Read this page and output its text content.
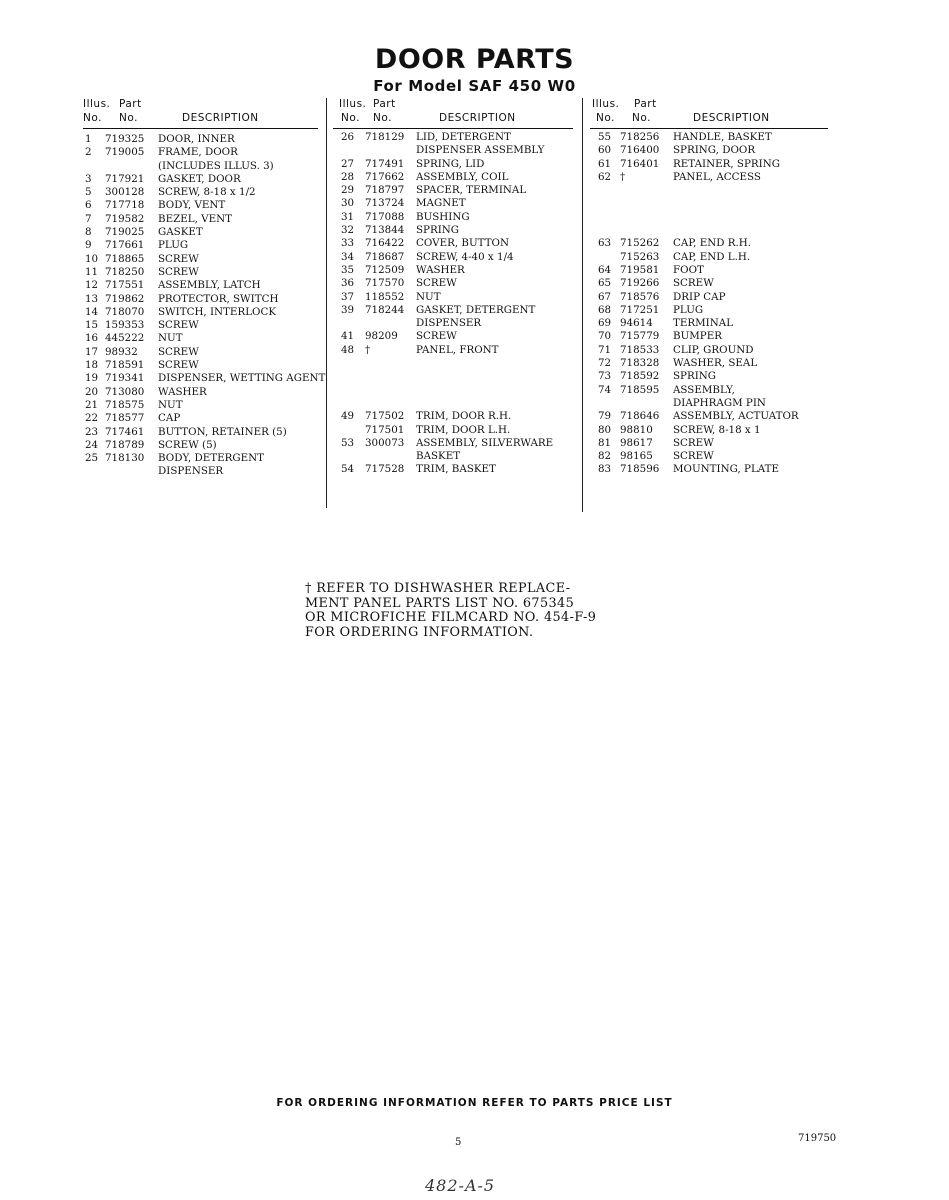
DOOR PARTS
For Model SAF 450 W0
Illus. Part
No. No.	DESCRIPTION
1 719325 DOOR, INNER
2 719005 FRAME, DOOR
(INCLUDES ILLUS. 3)
3 717921 GASKET, DOOR
5 300128 SCREW, 8-18 x 1/2
6 717718 BODY, VENT
7 719582 BEZEL, VENT
8 719025 GASKET
9 717661 PLUG
10 718865 SCREW
11 718250 SCREW
12 717551 ASSEMBLY, LATCH
13 719862 PROTECTOR, SWITCH
14 718070 SWITCH, INTERLOCK
15 159353 SCREW
16 445222 NUT
17 98932 SCREW
18 718591 SCREW
19 719341 DISPENSER, WETTING AGENT
20 713080 WASHER
21 718575 NUT
22 718577 CAP
23 717461 BUTTON, RETAINER (5)
24 718789 SCREW (5)
25 718130 BODY, DETERGENT
DISPENSER
Illus. Part
No. No.	DESCRIPTION
26 718129 LID, DETERGENT
DISPENSER ASSEMBLY
27 717491 SPRING, LID
28 717662 ASSEMBLY, COIL
29 718797 SPACER, TERMINAL
30 713724 MAGNET
31 717088 BUSHING
32 713844 SPRING
33 716422 COVER, BUTTON
34 718687 SCREW, 4-40 x 1/4
35 712509 WASHER
36 717570 SCREW
37 118552 NUT
39 718244 GASKET, DETERGENT
DISPENSER
41 98209 SCREW
48 †	PANEL, FRONT
49 717502 TRIM, DOOR R.H.
717501 TRIM, DOOR L.H.
53 300073 ASSEMBLY, SILVERWARE
BASKET
54 717528 TRIM, BASKET
Illus. Part
No. No.	DESCRIPTION
55 718256 HANDLE, BASKET
60 716400 SPRING, DOOR
61 716401 RETAINER, SPRING
62 †	PANEL, ACCESS
63 715262 CAP, END R.H.
715263 CAP, END L.H.
64 719581 FOOT
65 719266 SCREW
67 718576 DRIP CAP
68 717251 PLUG
69 94614 TERMINAL
70 715779 BUMPER
71 718533 CLIP, GROUND
72 718328 WASHER, SEAL
73 718592 SPRING
74 718595 ASSEMBLY,
DIAPHRAGM PIN
79 718646 ASSEMBLY, ACTUATOR
80 98810 SCREW, 8-18 x 1
81 98617 SCREW
82 98165 SCREW
83 718596 MOUNTING, PLATE
† REFER TO DISHWASHER REPLACE-
MENT PANEL PARTS LIST NO. 675345
OR MICROFICHE FILMCARD NO. 454-F-9
FOR ORDERING INFORMATION.
FOR ORDERING INFORMATION REFER TO PARTS PRICE LIST
5	719750
482-A-5
